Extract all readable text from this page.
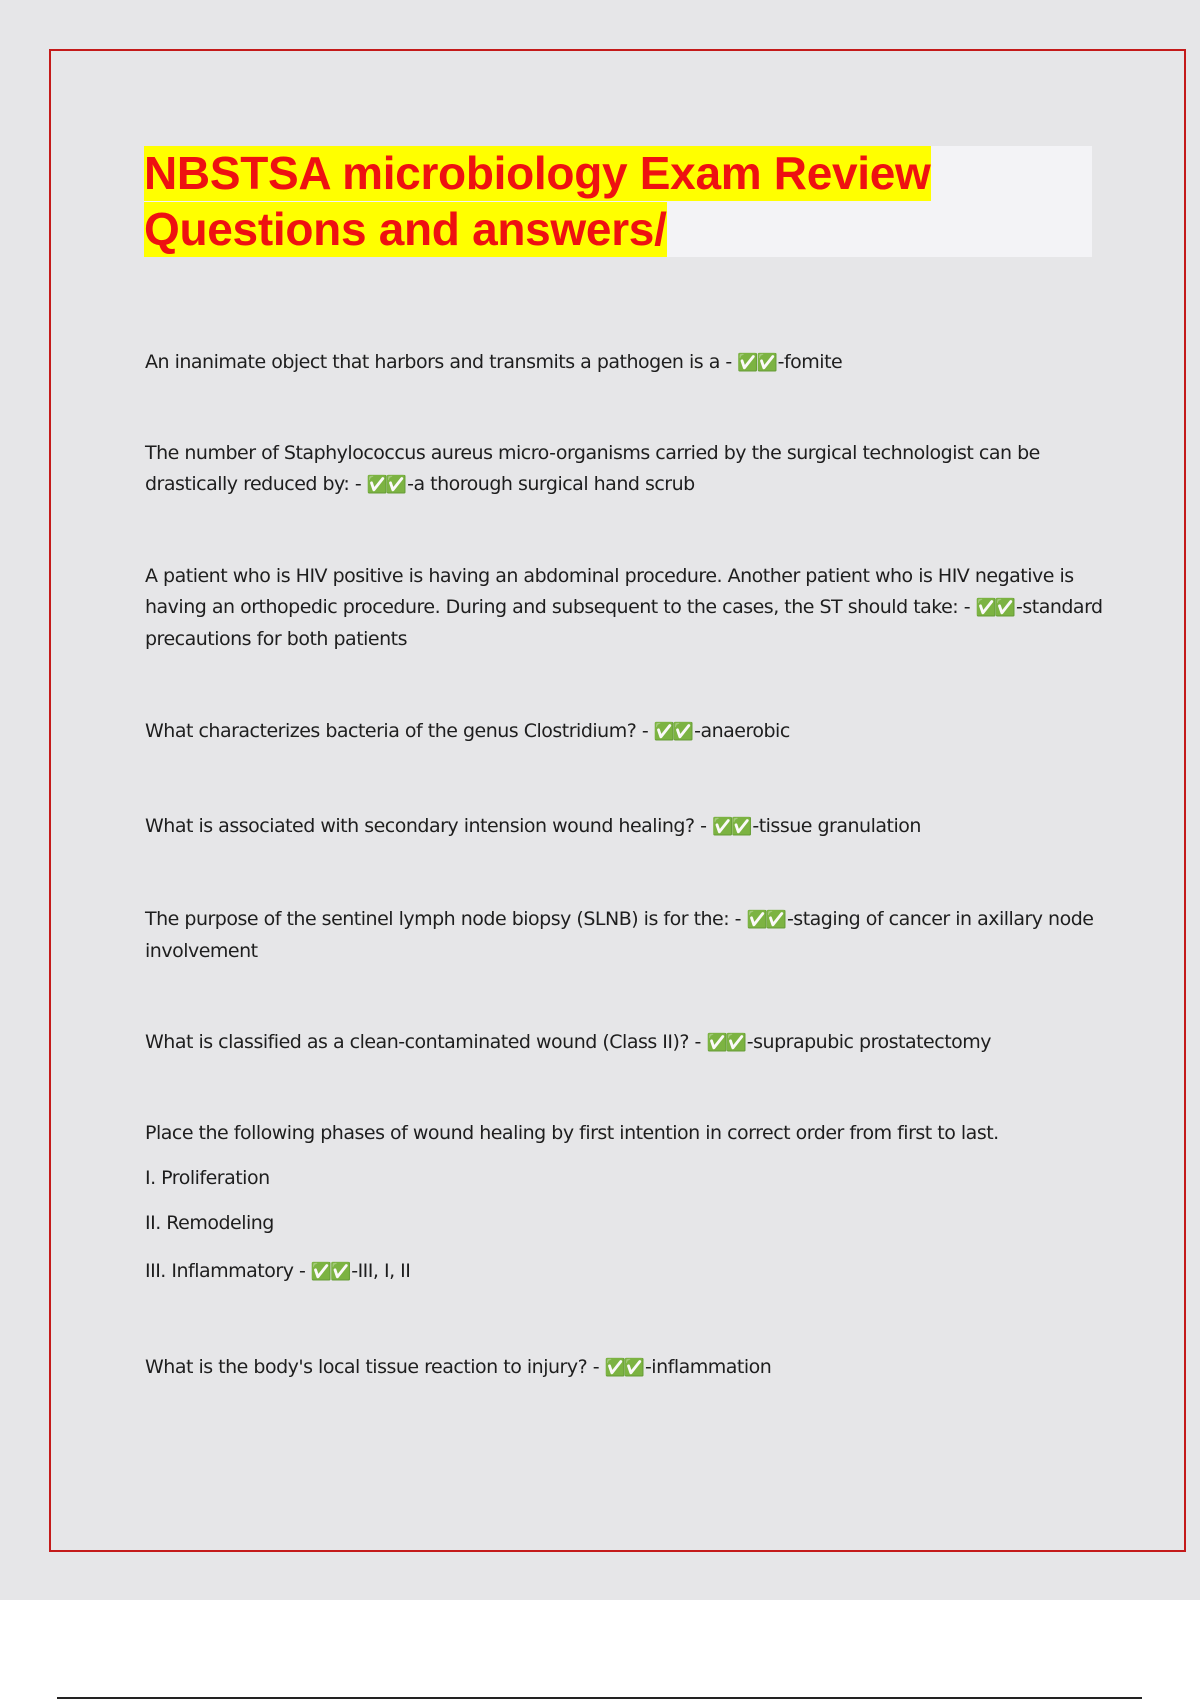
NBSTSA microbiology Exam Review
Questions and answers/

An inanimate object that harbors and transmits a pathogen is a - ✅✅ -fomite

The number of Staphylococcus aureus micro-organisms carried by the surgical technologist can be drastically reduced by: - ✅✅ -a thorough surgical hand scrub

A patient who is HIV positive is having an abdominal procedure. Another patient who is HIV negative is having an orthopedic procedure. During and subsequent to the cases, the ST should take: - ✅✅ -standard precautions for both patients

What characterizes bacteria of the genus Clostridium? - ✅✅ -anaerobic

What is associated with secondary intension wound healing? - ✅✅ -tissue granulation

The purpose of the sentinel lymph node biopsy (SLNB) is for the: - ✅✅ -staging of cancer in axillary node involvement

What is classified as a clean-contaminated wound (Class II)? - ✅✅ -suprapubic prostatectomy

Place the following phases of wound healing by first intention in correct order from first to last.

I. Proliferation

II. Remodeling

III. Inflammatory - ✅✅ -III, I, II

What is the body's local tissue reaction to injury? - ✅✅ -inflammation
